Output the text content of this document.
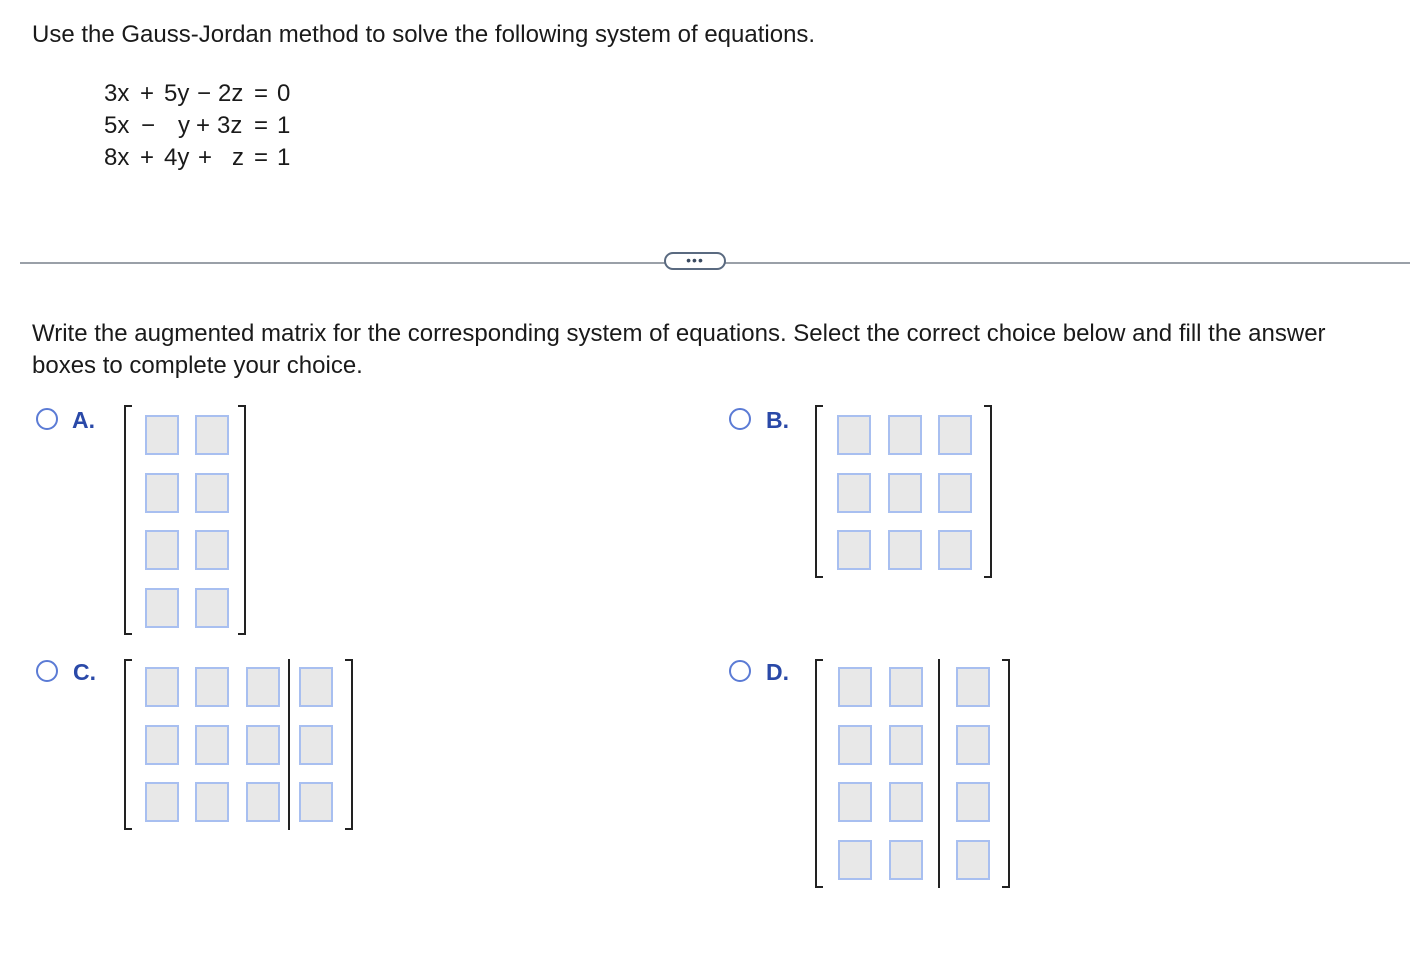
Use the Gauss-Jordan method to solve the following system of equations.
3x + 5y − 2z = 0
5x − y + 3z = 1
8x + 4y + z = 1
•••
Write the augmented matrix for the corresponding system of equations. Select the correct choice below and fill the answer boxes to complete your choice.
A.	B.
C.	D.
